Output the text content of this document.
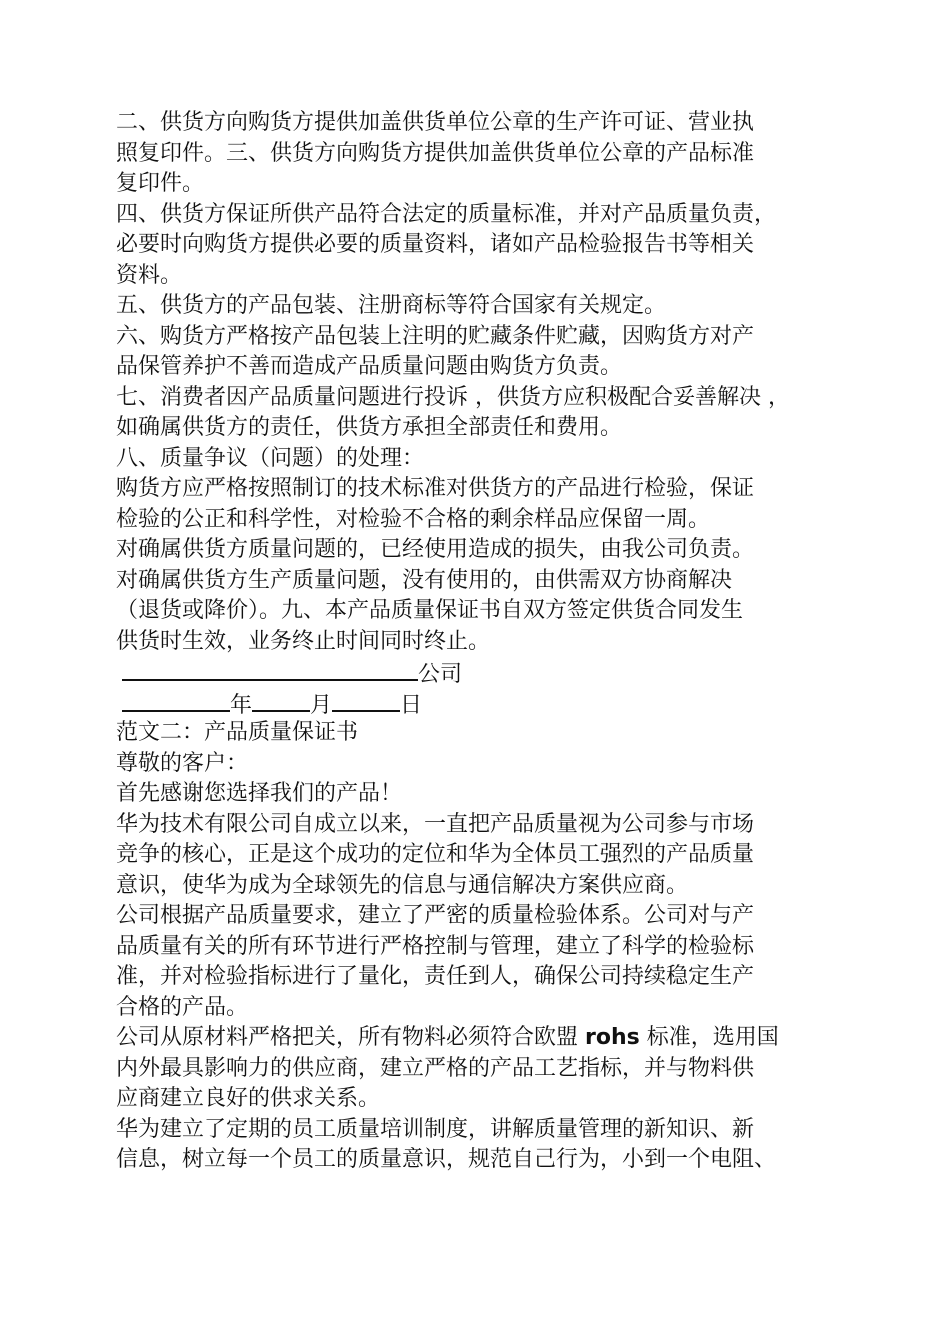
二、供货方向购货方提供加盖供货单位公章的生产许可证、营业执
照复印件。三、供货方向购货方提供加盖供货单位公章的产品标准
复印件。
四、供货方保证所供产品符合法定的质量标准，并对产品质量负责，
必要时向购货方提供必要的质量资料，诸如产品检验报告书等相关
资料。
五、供货方的产品包装、注册商标等符合国家有关规定。
六、购货方严格按产品包装上注明的贮藏条件贮藏，因购货方对产
品保管养护不善而造成产品质量问题由购货方负责。
七、消费者因产品质量问题进行投诉 ，供货方应积极配合妥善解决 ，
如确属供货方的责任，供货方承担全部责任和费用。
八、质量争议（问题）的处理：
购货方应严格按照制订的技术标准对供货方的产品进行检验，保证
检验的公正和科学性，对检验不合格的剩余样品应保留一周。
对确属供货方质量问题的，已经使用造成的损失，由我公司负责。
对确属供货方生产质量问题，没有使用的，由供需双方协商解决
（退货或降价）。九、本产品质量保证书自双方签定供货合同发生
供货时生效，业务终止时间同时终止。
公司
年	月	日
范文二：产品质量保证书
尊敬的客户：
首先感谢您选择我们的产品！
华为技术有限公司自成立以来，一直把产品质量视为公司参与市场
竞争的核心，正是这个成功的定位和华为全体员工强烈的产品质量
意识，使华为成为全球领先的信息与通信解决方案供应商。
公司根据产品质量要求，建立了严密的质量检验体系。公司对与产
品质量有关的所有环节进行严格控制与管理，建立了科学的检验标
准，并对检验指标进行了量化，责任到人，确保公司持续稳定生产
合格的产品。
公司从原材料严格把关，所有物料必须符合欧盟 rohs 标准，选用国
内外最具影响力的供应商，建立严格的产品工艺指标，并与物料供
应商建立良好的供求关系。
华为建立了定期的员工质量培训制度，讲解质量管理的新知识、新
信息，树立每一个员工的质量意识，规范自己行为，小到一个电阻、
